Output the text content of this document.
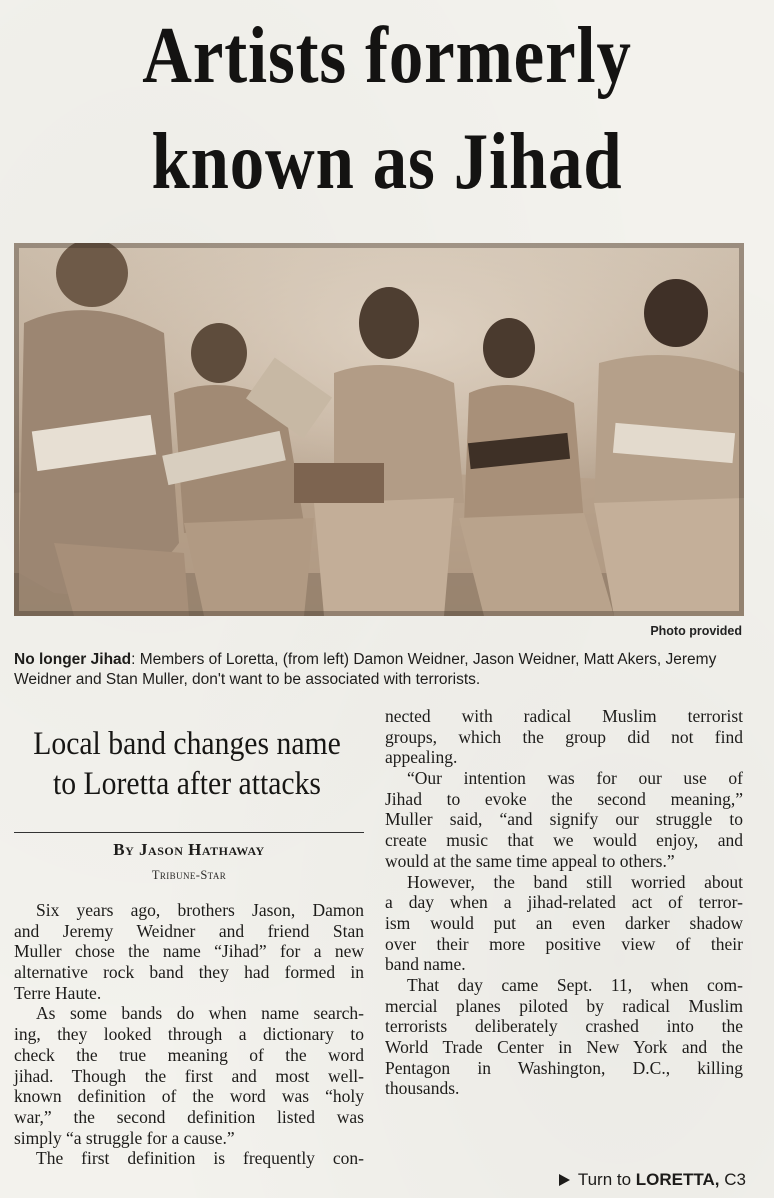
Artists formerly
known as Jihad
Photo provided
No longer Jihad: Members of Loretta, (from left) Damon Weidner, Jason Weidner, Matt Akers, Jeremy Weidner and Stan Muller, don't want to be associated with terrorists.
Local band changes name
to Loretta after attacks
By Jason Hathaway
Tribune-Star
Six years ago, brothers Jason, Damon
and Jeremy Weidner and friend Stan
Muller chose the name “Jihad” for a new
alternative rock band they had formed in
Terre Haute.
As some bands do when name search-
ing, they looked through a dictionary to
check the true meaning of the word
jihad. Though the first and most well-
known definition of the word was “holy
war,” the second definition listed was
simply “a struggle for a cause.”
The first definition is frequently con-
nected with radical Muslim terrorist
groups, which the group did not find
appealing.
“Our intention was for our use of
Jihad to evoke the second meaning,”
Muller said, “and signify our struggle to
create music that we would enjoy, and
would at the same time appeal to others.”
However, the band still worried about
a day when a jihad-related act of terror-
ism would put an even darker shadow
over their more positive view of their
band name.
That day came Sept. 11, when com-
mercial planes piloted by radical Muslim
terrorists deliberately crashed into the
World Trade Center in New York and the
Pentagon in Washington, D.C., killing
thousands.
Turn to LORETTA, C3
